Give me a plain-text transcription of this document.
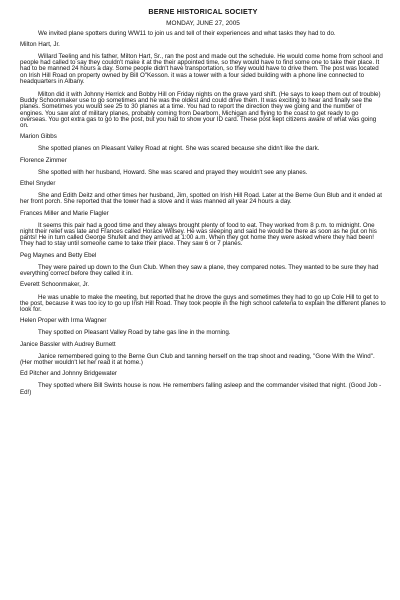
BERNE HISTORICAL SOCIETY
MONDAY, JUNE 27, 2005

We invited plane spotters during WW11 to join us and tell of their experiences and what tasks they had to do.

Milton Hart, Jr.

Willard Teeling and his father, Milton Hart, Sr., ran the post and made out the schedule. He would come home from school and people had called to say they couldn't make it at the their appointed time, so they would have to find some one to take their place. It had to be manned 24 hours a day. Some people didn't have transportation, so they would have to drive them. The post was located on Irish Hill Road on property owned by Bill O"Kesson. it was a tower with a four sided building with a phone line connected to headquarters in Albany.

Milton did it with Johnny Herrick and Bobby Hill on Friday nights on the grave yard shift. (He says to keep them out of trouble) Buddy Schoonmaker use to go sometimes and he was the oldest and could drive them. It was exciting to hear and finally see the planes. Sometimes you would see 25 to 30 planes at a time. You had to report the direction they we going and the number of engines. You saw alot of military planes, probably coming from Dearborn, Michigan and flying to the coast to get ready to go overseas. You got extra gas to go to the post, but you had to show your ID card. These post kept citizens aware of what was going on.

Marion Gibbs

She spotted planes on Pleasant Valley Road at night. She was scared because she didn't like the dark.

Florence Zimmer

She spotted with her husband, Howard. She was scared and prayed they wouldn't see any planes.

Ethel Snyder

She and Edith Deitz and other times her husband, Jim, spotted on Irish Hill Road. Later at the Berne Gun Blub and it ended at her front porch. She reported that the tower had a stove and it was manned all year 24 hours a day.

Frances Miller and Marie Flagler

It seems this pair had a good time and they always brought plenty of food to eat. They worked from 8 p.m. to midnight. One night their relief was late and Frances called Horace Willsey. He was sleeping and said he would be there as soon as he put on his pants! He in turn called George Shufelt and they arrived at 1:00 a.m. When they got home they were asked where they had been! They had to stay until someone came to take their place. They saw 6 or 7 planes.

Peg Maynes and Betty Ebel

They were paired up down to the Gun Club. When they saw a plane, they compared notes. They wanted to be sure they had everything correct before they called it in.

Everett Schoonmaker, Jr.

He was unable to make the meeting, but reported that he drove the guys and sometimes they had to go up Cole Hill to get to the post, because it was too icy to go up Irish Hill Road. They took people in the high school cafeteria to explain the different planes to look for.

Helen Proper with Irma Wagner

They spotted on Pleasant Valley Road by tahe gas line in the morning.

Janice Bassler with Audrey Burnett

Janice remembered going to the Berne Gun Club and tanning herself on the trap shoot and reading, "Gone With the Wind". (Her mother wouldn't let her read it at home.)

Ed Pitcher and Johnny Bridgewater

They spotted where Bill Swints house is now. He remembers falling asleep and the commander visited that night. (Good Job - Ed!)
